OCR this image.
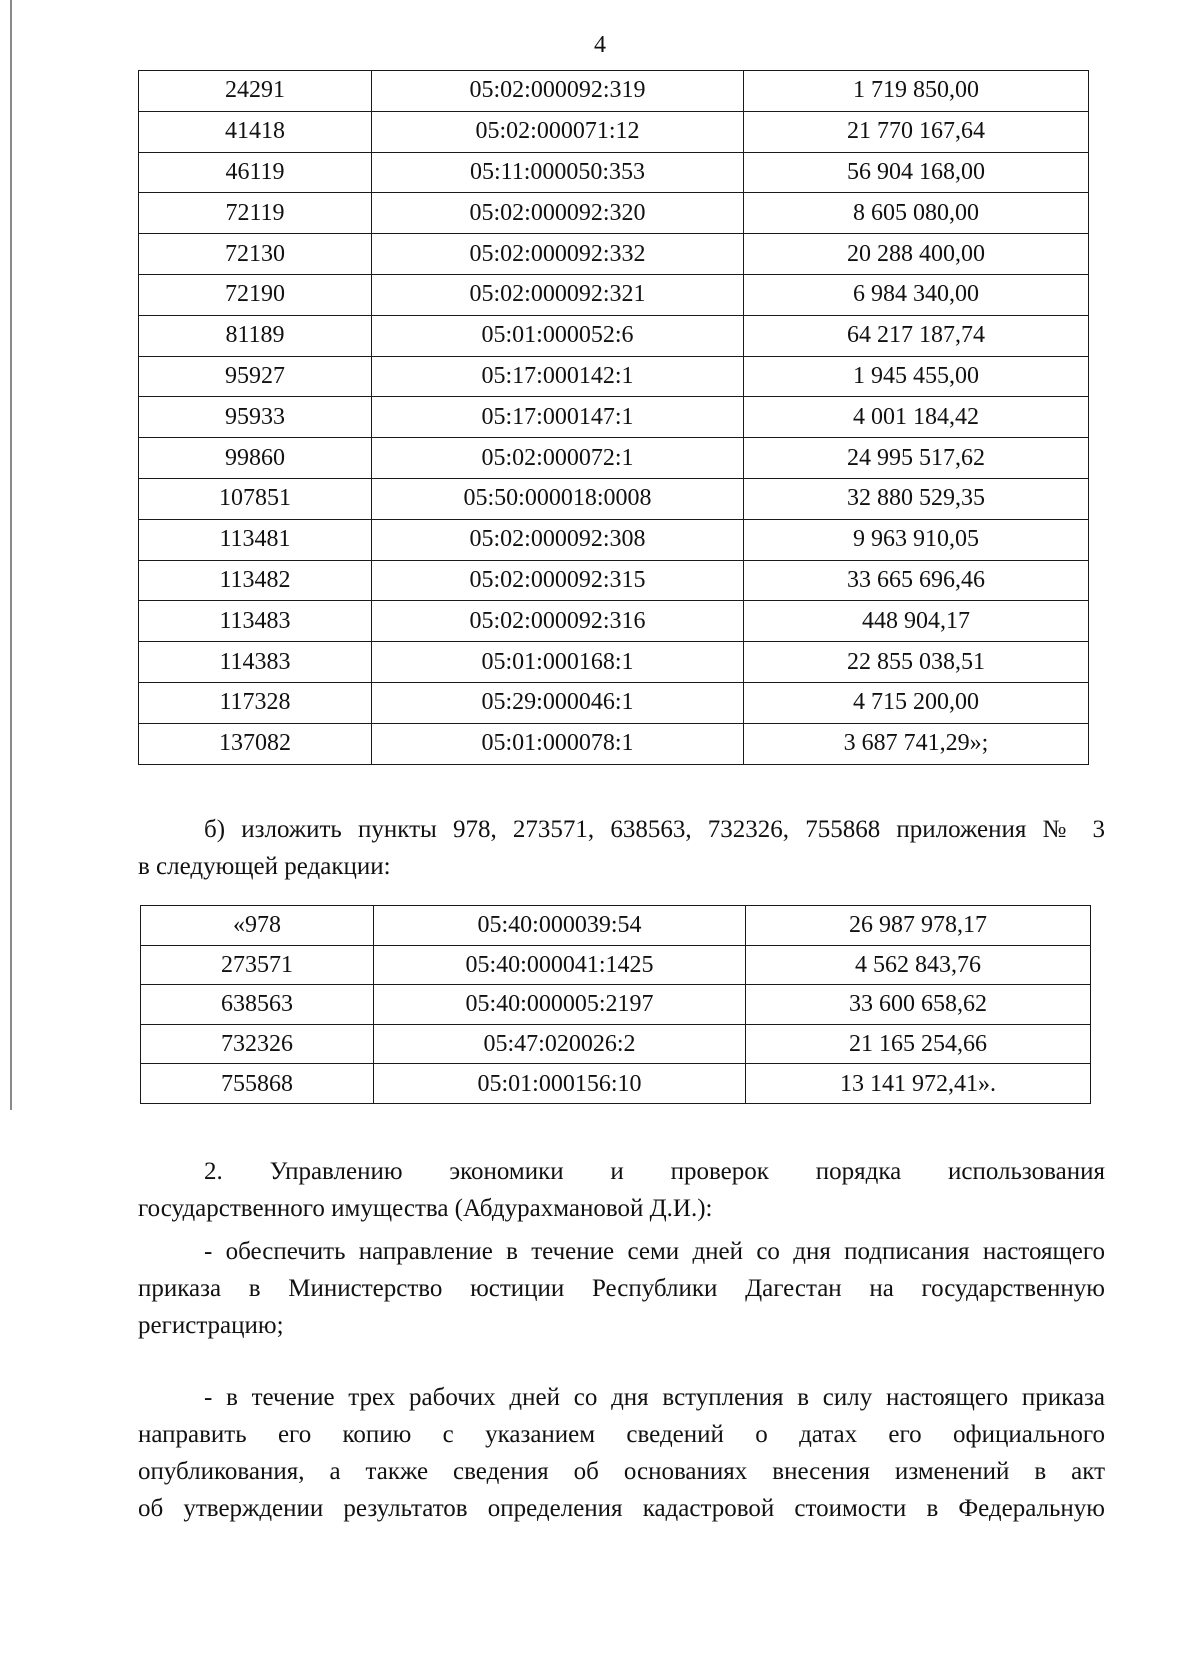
4
24291	05:02:000092:319	1 719 850,00
41418	05:02:000071:12	21 770 167,64
46119	05:11:000050:353	56 904 168,00
72119	05:02:000092:320	8 605 080,00
72130	05:02:000092:332	20 288 400,00
72190	05:02:000092:321	6 984 340,00
81189	05:01:000052:6	64 217 187,74
95927	05:17:000142:1	1 945 455,00
95933	05:17:000147:1	4 001 184,42
99860	05:02:000072:1	24 995 517,62
107851	05:50:000018:0008	32 880 529,35
113481	05:02:000092:308	9 963 910,05
113482	05:02:000092:315	33 665 696,46
113483	05:02:000092:316	448 904,17
114383	05:01:000168:1	22 855 038,51
117328	05:29:000046:1	4 715 200,00
137082	05:01:000078:1	3 687 741,29»;
б) изложить пункты 978, 273571, 638563, 732326, 755868 приложения № 3
в следующей редакции:
«978	05:40:000039:54	26 987 978,17
273571	05:40:000041:1425	4 562 843,76
638563	05:40:000005:2197	33 600 658,62
732326	05:47:020026:2	21 165 254,66
755868	05:01:000156:10	13 141 972,41».
2. Управлению экономики и проверок порядка использования
государственного имущества (Абдурахмановой Д.И.):
- обеспечить направление в течение семи дней со дня подписания настоящего
приказа в Министерство юстиции Республики Дагестан на государственную
регистрацию;
- в течение трех рабочих дней со дня вступления в силу настоящего приказа
направить его копию с указанием сведений о датах его официального
опубликования, а также сведения об основаниях внесения изменений в акт
об утверждении результатов определения кадастровой стоимости в Федеральную
